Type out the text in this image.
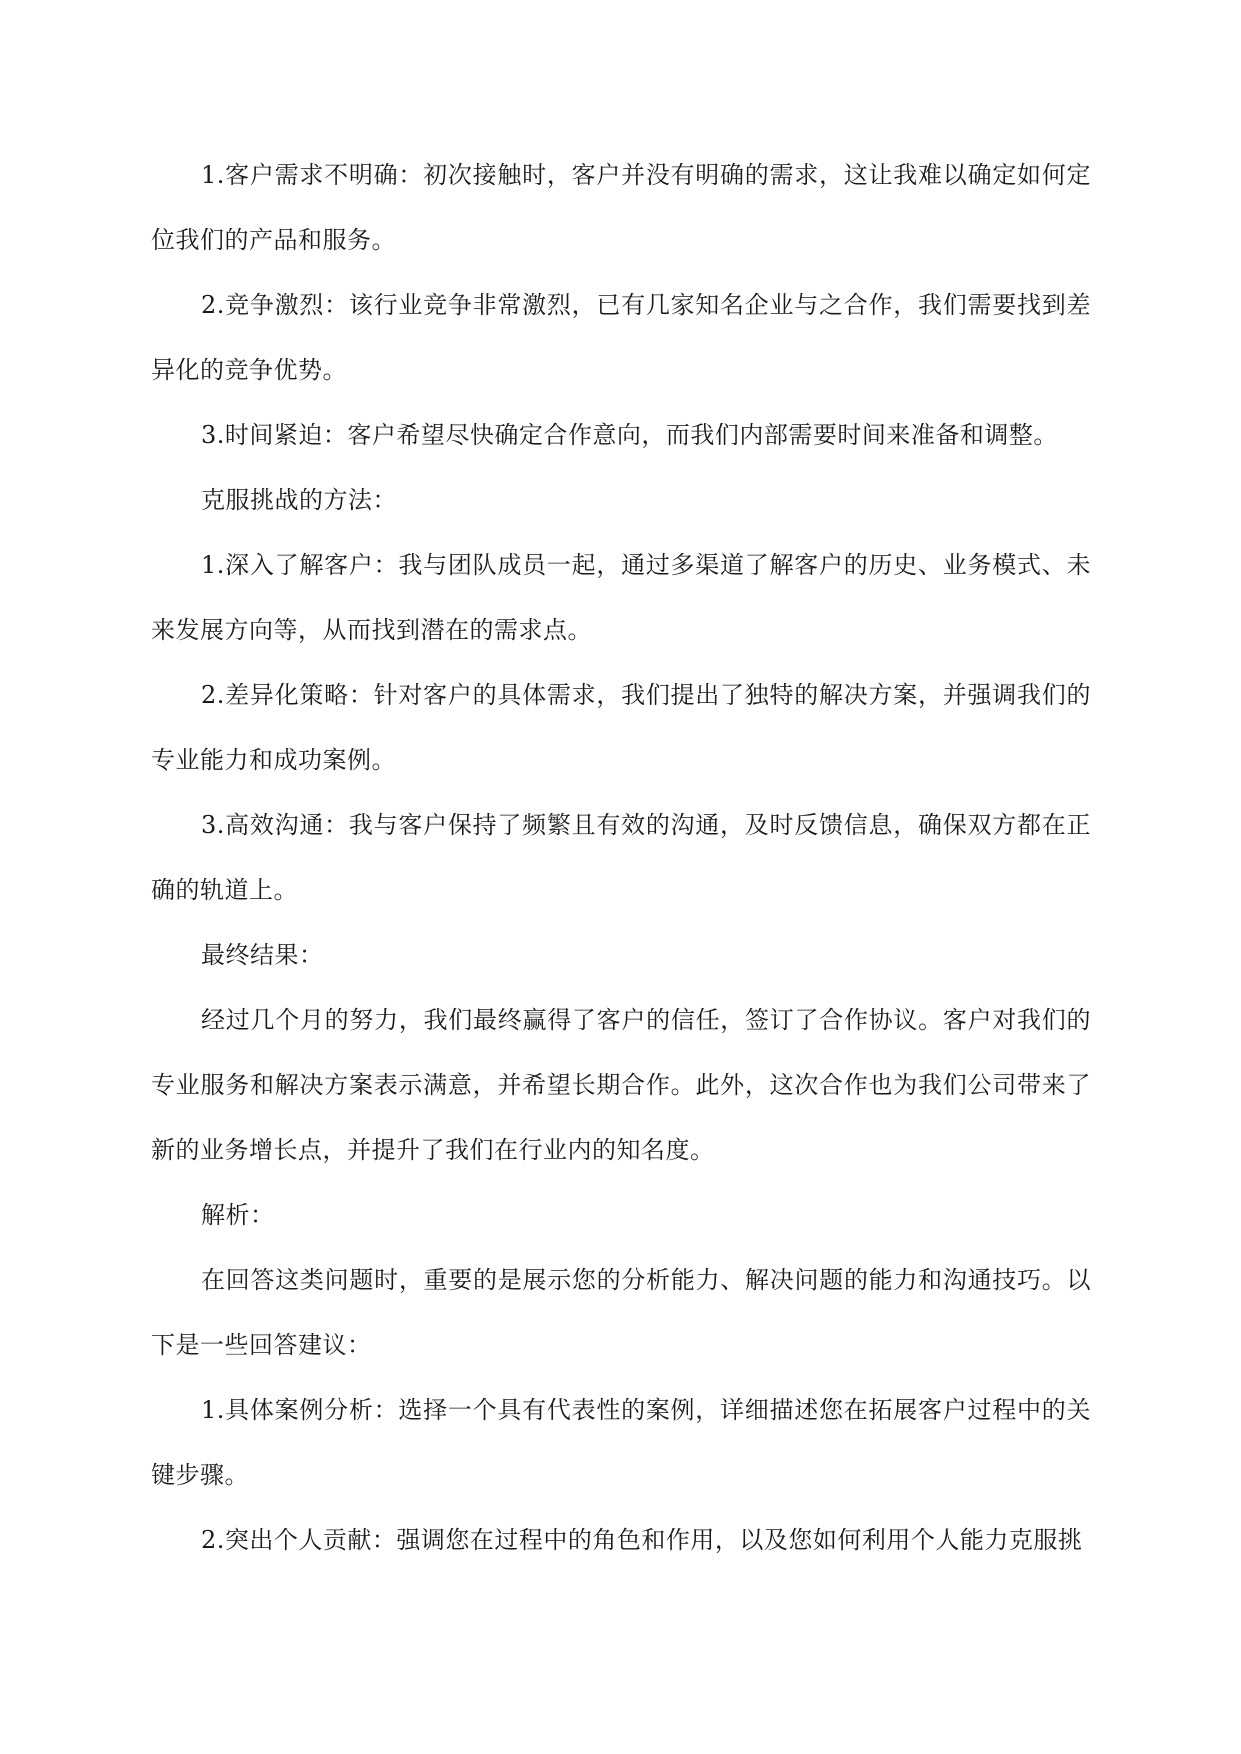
1.客户需求不明确：初次接触时，客户并没有明确的需求，这让我难以确定如何定位我们的产品和服务。

2.竞争激烈：该行业竞争非常激烈，已有几家知名企业与之合作，我们需要找到差异化的竞争优势。

3.时间紧迫：客户希望尽快确定合作意向，而我们内部需要时间来准备和调整。

克服挑战的方法：

1.深入了解客户：我与团队成员一起，通过多渠道了解客户的历史、业务模式、未来发展方向等，从而找到潜在的需求点。

2.差异化策略：针对客户的具体需求，我们提出了独特的解决方案，并强调我们的专业能力和成功案例。

3.高效沟通：我与客户保持了频繁且有效的沟通，及时反馈信息，确保双方都在正确的轨道上。

最终结果：

经过几个月的努力，我们最终赢得了客户的信任，签订了合作协议。客户对我们的专业服务和解决方案表示满意，并希望长期合作。此外，这次合作也为我们公司带来了新的业务增长点，并提升了我们在行业内的知名度。

解析：

在回答这类问题时，重要的是展示您的分析能力、解决问题的能力和沟通技巧。以下是一些回答建议：

1.具体案例分析：选择一个具有代表性的案例，详细描述您在拓展客户过程中的关键步骤。

2.突出个人贡献：强调您在过程中的角色和作用，以及您如何利用个人能力克服挑
